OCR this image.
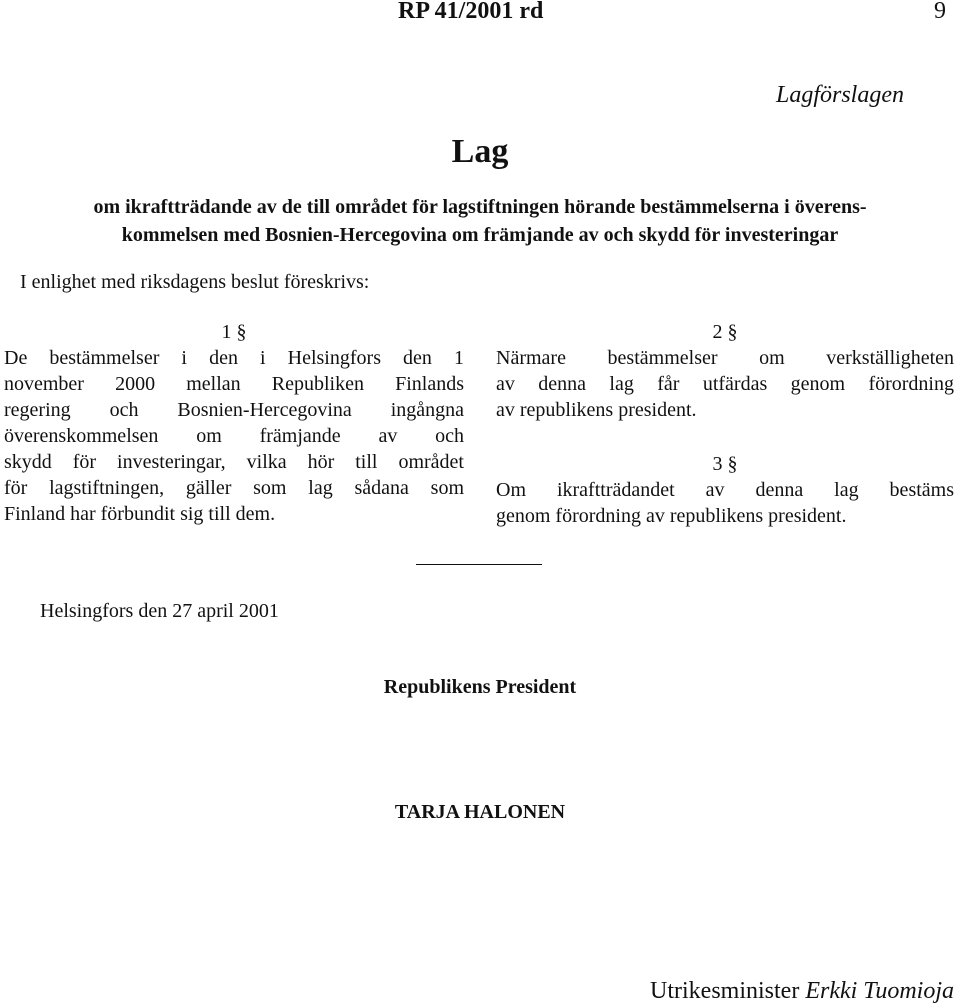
RP 41/2001 rd	9
Lagförslagen
Lag
om ikraftträdande av de till området för lagstiftningen hörande bestämmelserna i överens-
kommelsen med Bosnien-Hercegovina om främjande av och skydd för investeringar
I enlighet med riksdagens beslut föreskrivs:
1 §
De bestämmelser i den i Helsingfors den 1
november 2000 mellan Republiken Finlands
regering och Bosnien-Hercegovina ingångna
överenskommelsen om främjande av och
skydd för investeringar, vilka hör till området
för lagstiftningen, gäller som lag sådana som
Finland har förbundit sig till dem.
2 §
Närmare bestämmelser om verkställigheten
av denna lag får utfärdas genom förordning
av republikens president.
3 §
Om ikraftträdandet av denna lag bestäms
genom förordning av republikens president.
Helsingfors den 27 april 2001
Republikens President
TARJA HALONEN
Utrikesminister Erkki Tuomioja
